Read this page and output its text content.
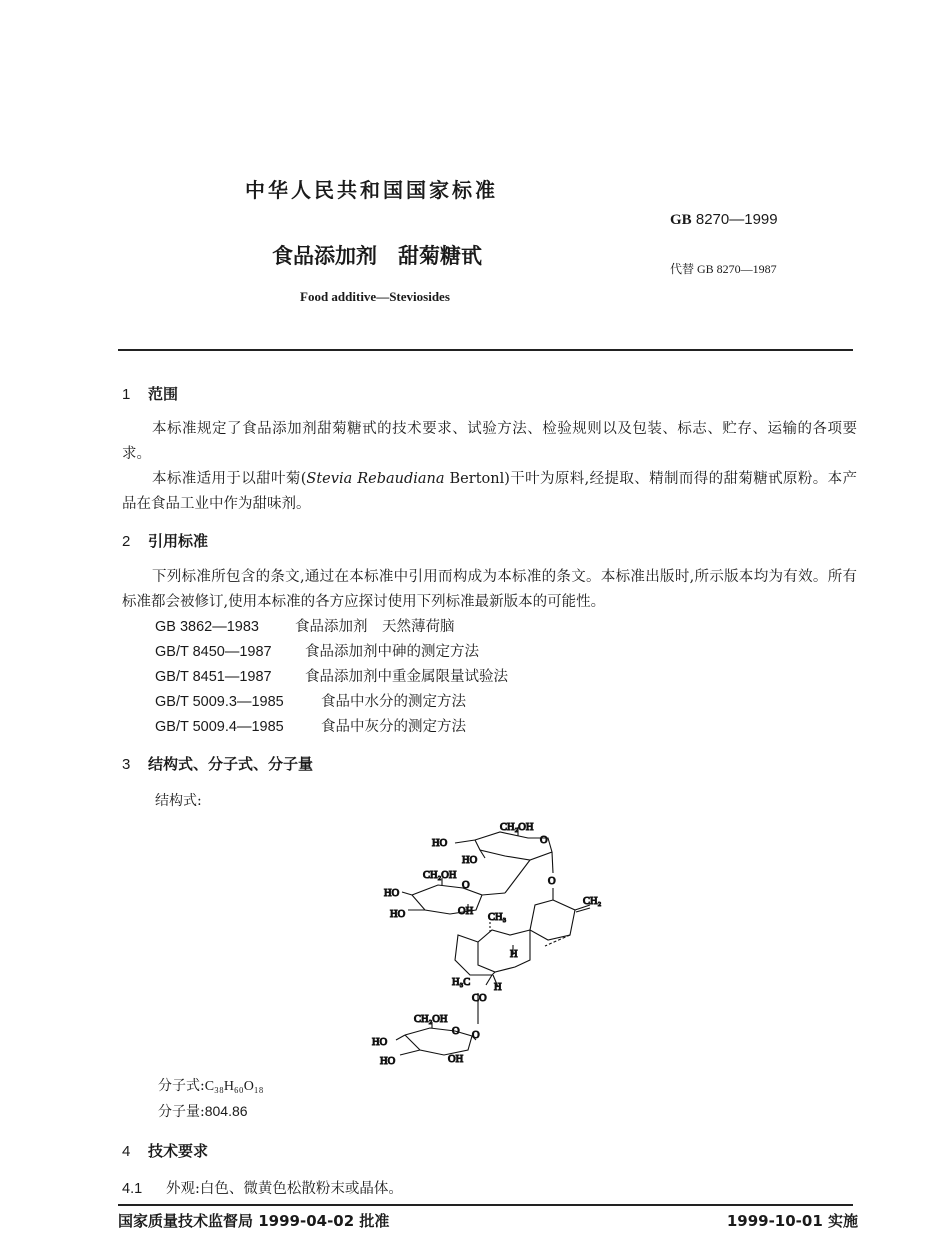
中华人民共和国国家标准
GB 8270—1999
食品添加剂　甜菊糖甙
代替 GB 8270—1987
Food additive—Steviosides
1 范围
本标准规定了食品添加剂甜菊糖甙的技术要求、试验方法、检验规则以及包装、标志、贮存、运输的各项要求。
本标准适用于以甜叶菊(Stevia Rebaudiana Bertonl)干叶为原料,经提取、精制而得的甜菊糖甙原粉。本产品在食品工业中作为甜味剂。
2 引用标准
下列标准所包含的条文,通过在本标准中引用而构成为本标准的条文。本标准出版时,所示版本均为有效。所有标准都会被修订,使用本标准的各方应探讨使用下列标准最新版本的可能性。
GB 3862—1983 食品添加剂　天然薄荷脑
GB/T 8450—1987 食品添加剂中砷的测定方法
GB/T 8451—1987 食品添加剂中重金属限量试验法
GB/T 5009.3—1985	食品中水分的测定方法
GB/T 5009.4—1985	食品中灰分的测定方法
3 结构式、分子式、分子量
结构式:
CH₂OH
HO	O
HO
O
CH₂OH
HO
O
HO	OH
CH₃
CH₂
H
H₃C H
CO
O
CH₂OH
HO
O
HO	OH
分子式:C₃₈H₆₀O₁₈
分子量:804.86
4 技术要求
4.1 外观:白色、微黄色松散粉末或晶体。
国家质量技术监督局 1999-04-02 批准	1999-10-01 实施
